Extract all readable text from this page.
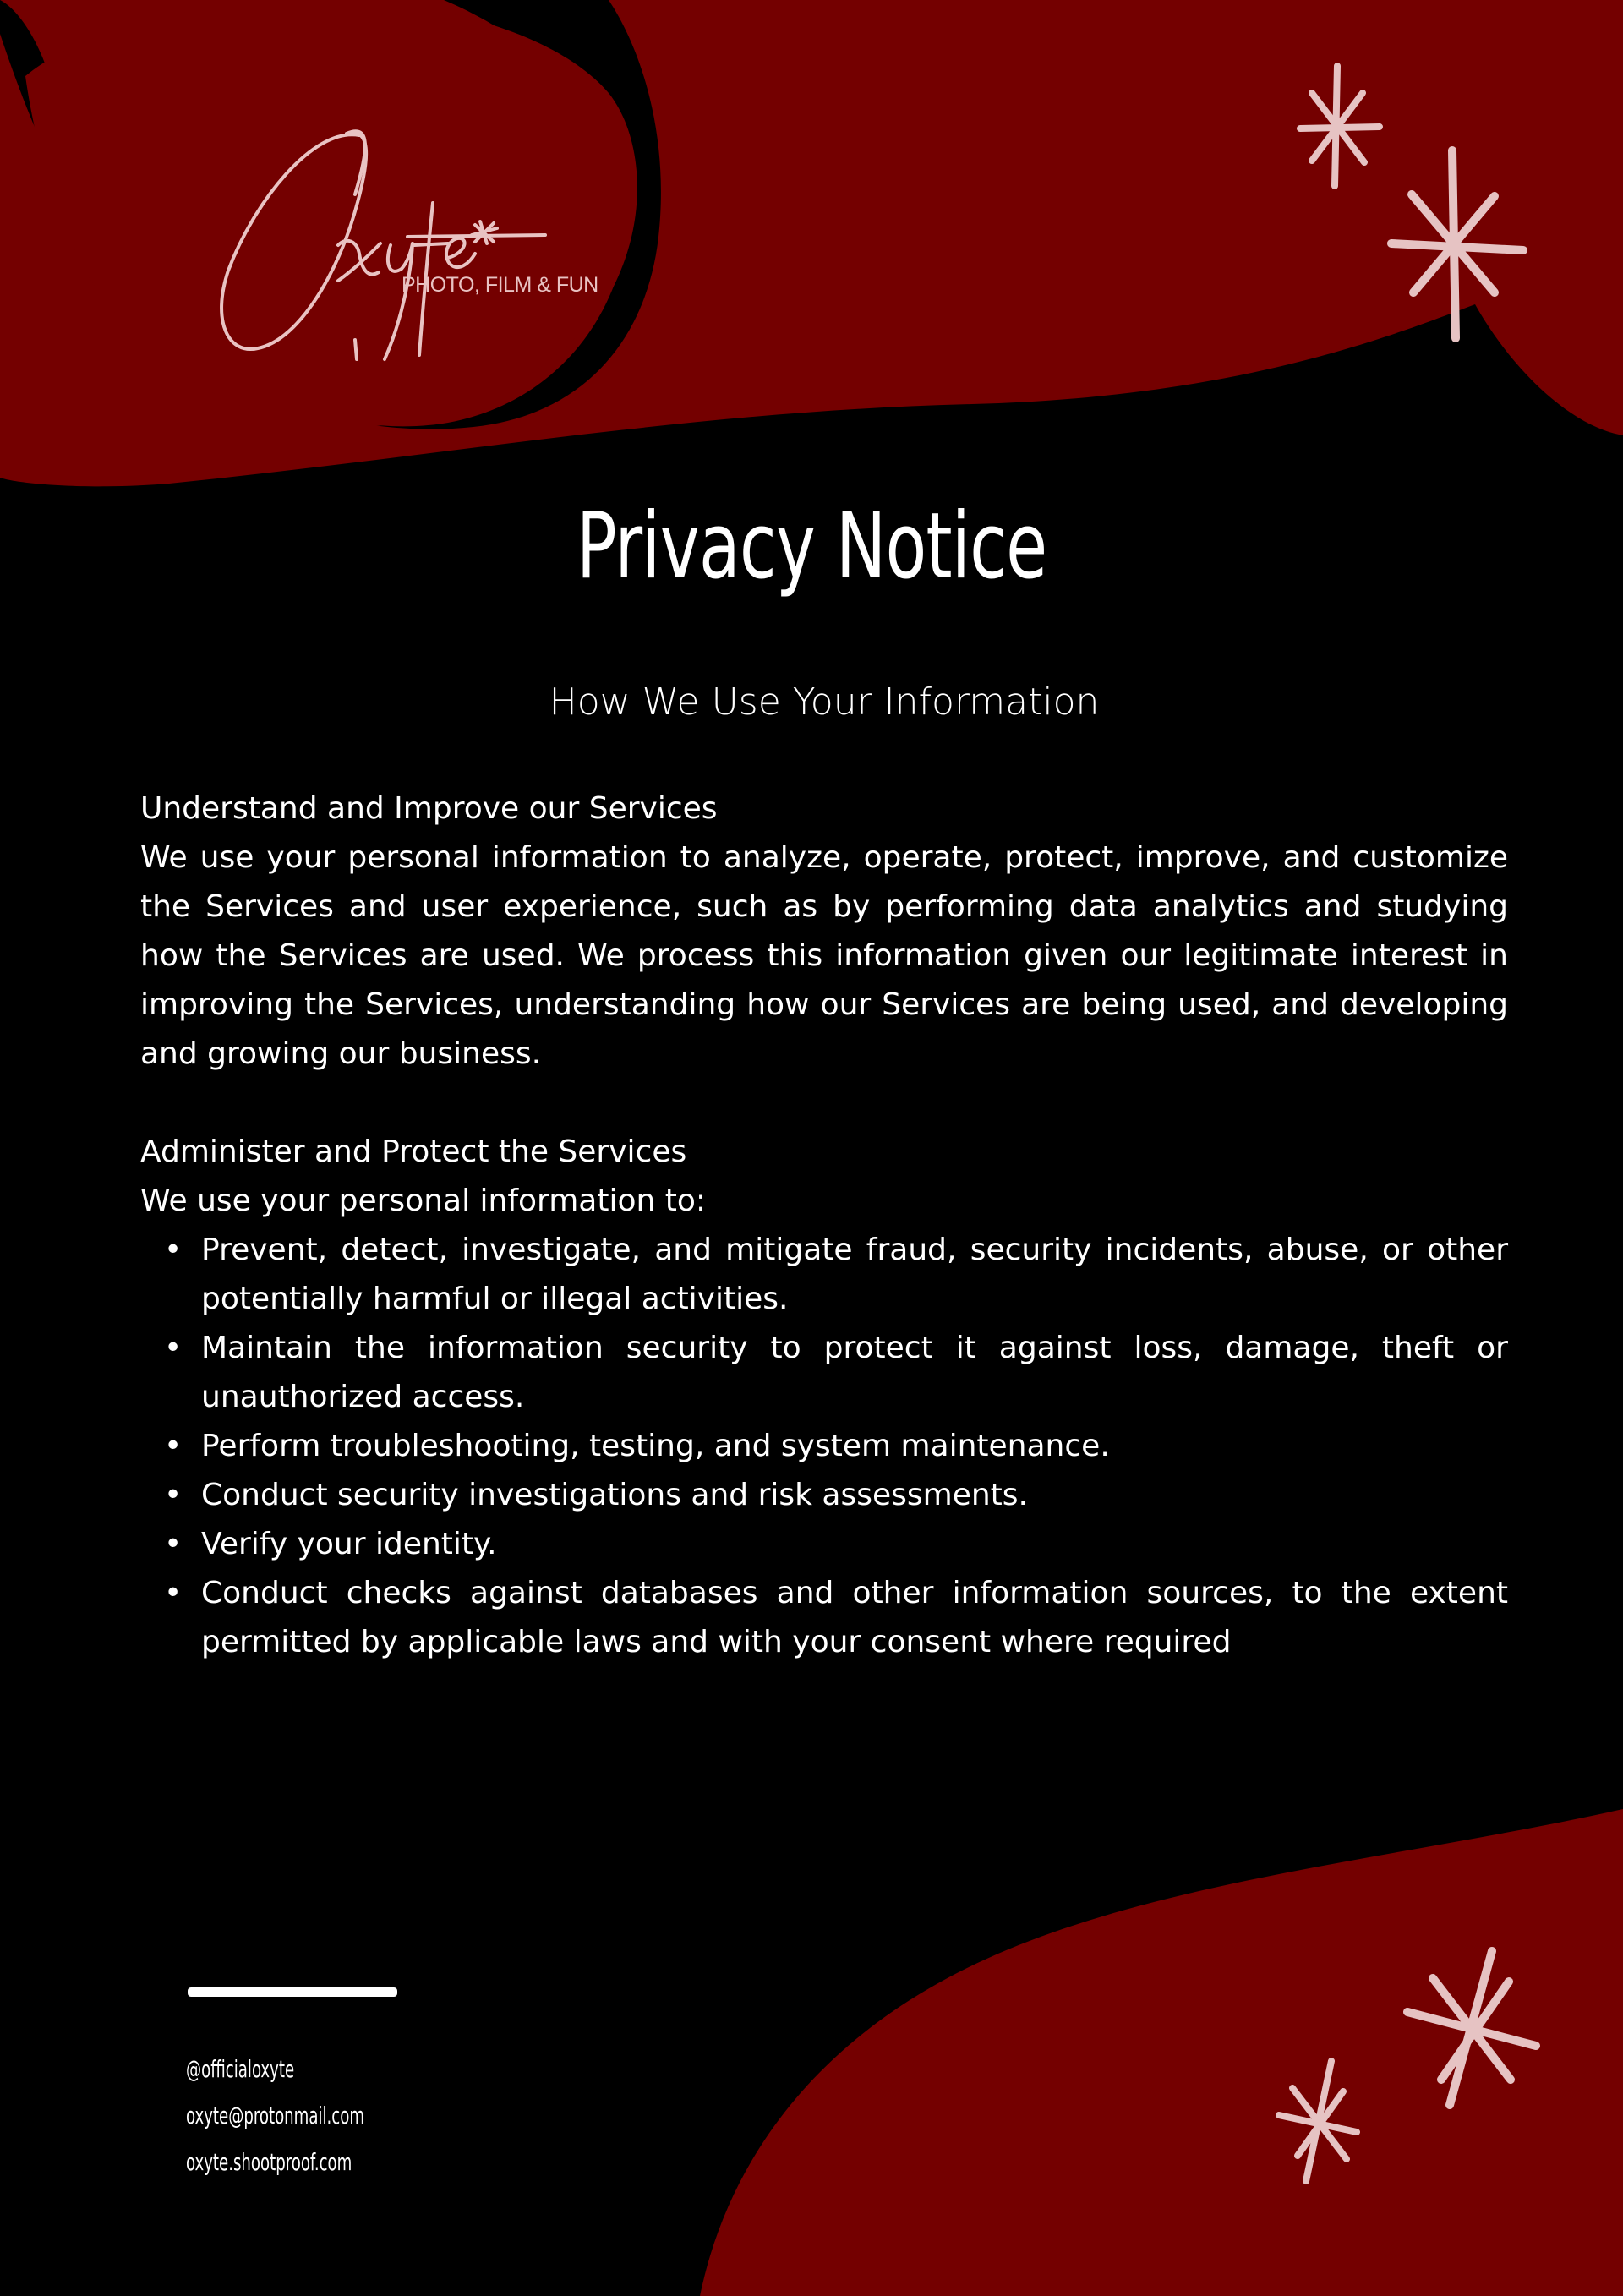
PHOTO, FILM & FUN
Privacy Notice
How We Use Your Information

Understand and Improve our Services

We use your personal information to analyze, operate, protect, improve, and customize the Services and user experience, such as by performing data analytics and studying how the Services are used. We process this information given our legitimate interest in improving the Services, understanding how our Services are being used, and developing and growing our business.

Administer and Protect the Services

We use your personal information to:

• Prevent, detect, investigate, and mitigate fraud, security incidents, abuse, or other potentially harmful or illegal activities.
• Maintain the information security to protect it against loss, damage, theft or unauthorized access.
• Perform troubleshooting, testing, and system maintenance.
• Conduct security investigations and risk assessments.
• Verify your identity.
• Conduct checks against databases and other information sources, to the extent permitted by applicable laws and with your consent where required
@officialoxyte
oxyte@protonmail.com
oxyte.shootproof.com
